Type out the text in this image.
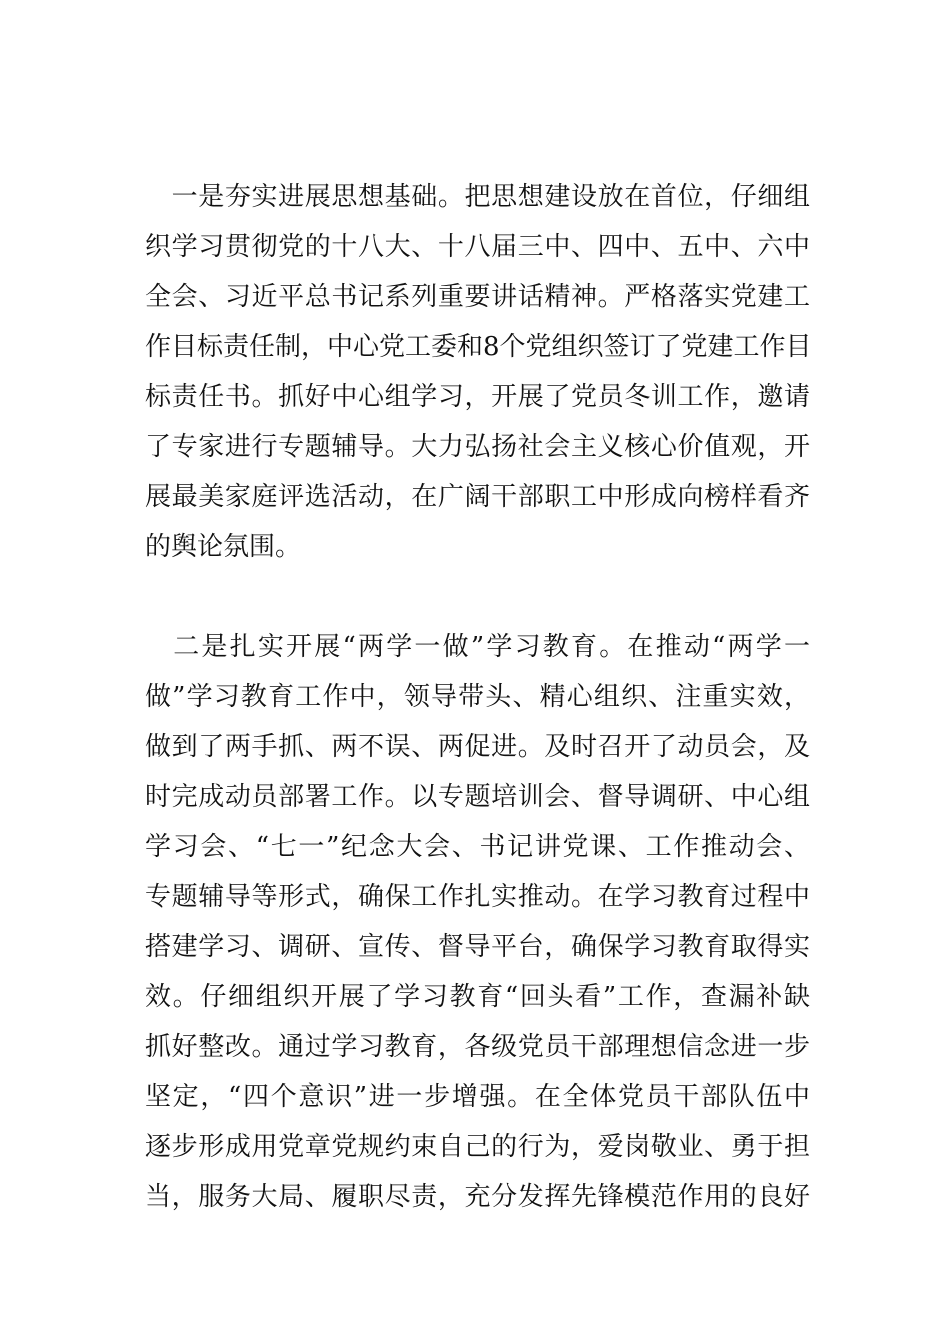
　一是夯实进展思想基础。把思想建设放在首位，仔细组
织学习贯彻党的十八大、十八届三中、四中、五中、六中
全会、习近平总书记系列重要讲话精神。严格落实党建工
作目标责任制，中心党工委和8个党组织签订了党建工作目
标责任书。抓好中心组学习，开展了党员冬训工作，邀请
了专家进行专题辅导。大力弘扬社会主义核心价值观，开
展最美家庭评选活动，在广阔干部职工中形成向榜样看齐
的舆论氛围。
　二是扎实开展“两学一做”学习教育。在推动“两学一
做”学习教育工作中，领导带头、精心组织、注重实效，
做到了两手抓、两不误、两促进。及时召开了动员会，及
时完成动员部署工作。以专题培训会、督导调研、中心组
学习会、“七一”纪念大会、书记讲党课、工作推动会、
专题辅导等形式，确保工作扎实推动。在学习教育过程中
搭建学习、调研、宣传、督导平台，确保学习教育取得实
效。仔细组织开展了学习教育“回头看”工作，查漏补缺
抓好整改。通过学习教育，各级党员干部理想信念进一步
坚定，“四个意识”进一步增强。在全体党员干部队伍中
逐步形成用党章党规约束自己的行为，爱岗敬业、勇于担
当，服务大局、履职尽责，充分发挥先锋模范作用的良好
